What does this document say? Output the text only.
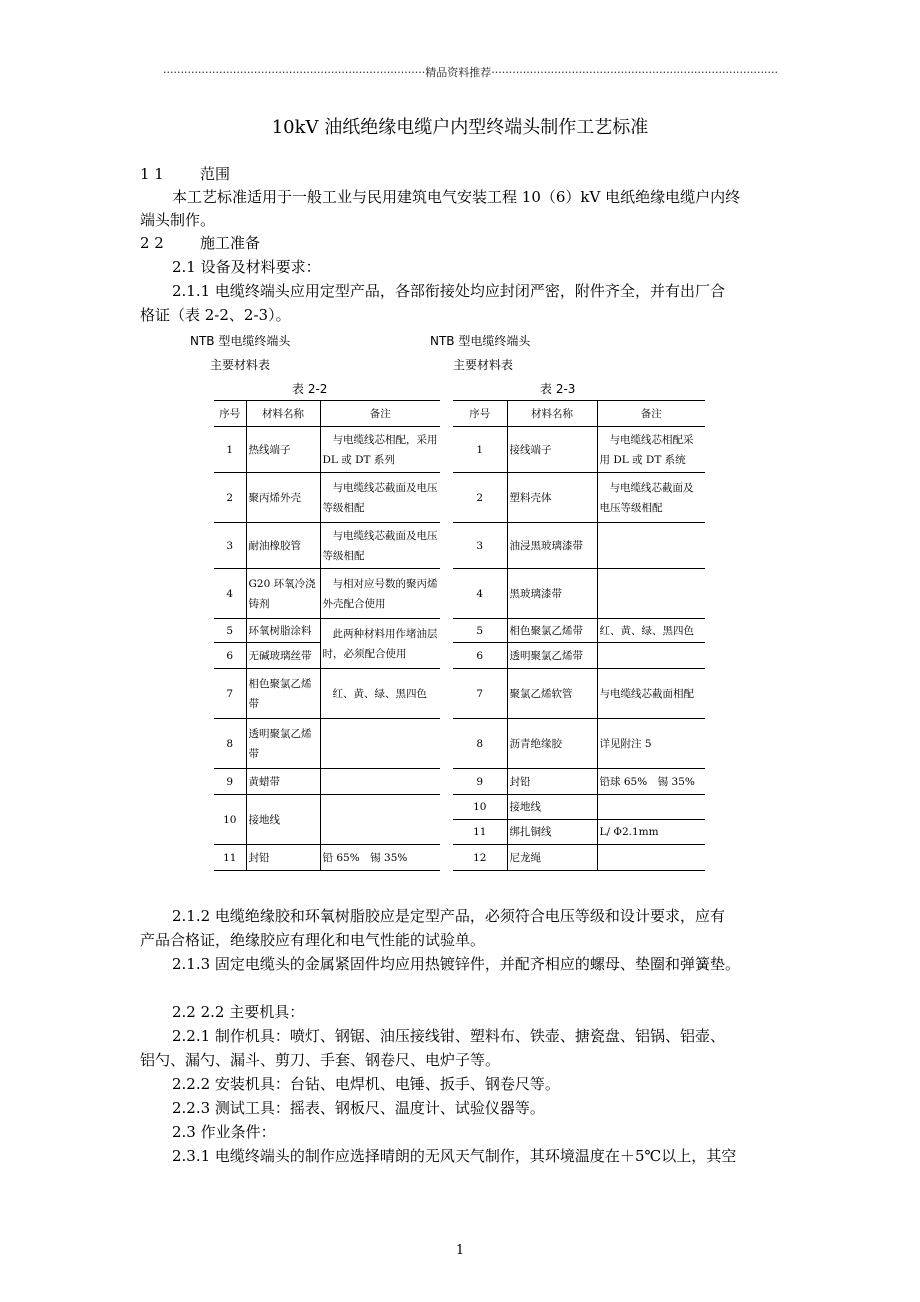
···········································································精品资料推荐··················································································
10kV 油纸绝缘电缆户内型终端头制作工艺标准
1 1 范围
本工艺标准适用于一般工业与民用建筑电气安装工程 10（6）kV 电纸绝缘电缆户内终
端头制作。
2 2 施工准备
2.1 设备及材料要求：
2.1.1 电缆终端头应用定型产品，各部衔接处均应封闭严密，附件齐全，并有出厂合
格证（表 2-2、2-3）。
NTB 型电缆终端头
主要材料表
表 2-2
NTB 型电缆终端头
主要材料表
表 2-3
序号	材料名称	备注
1	热线端子	与电缆线芯相配，采用 DL 或 DT 系列
2	聚丙烯外壳	与电缆线芯截面及电压等级相配
3	耐油橡胶管	与电缆线芯截面及电压等级相配
4	G20 环氧冷浇铸剂	与相对应号数的聚丙烯外壳配合使用
5	环氧树脂涂料	此两种材料用作堵油层时，必须配合使用
6	无碱玻璃丝带	
7	相色聚氯乙烯带	红、黄、绿、黑四色
8	透明聚氯乙烯带	
9	黄蜡带	
10	接地线	
11	封铅	铅 65%　锡 35%
序号	材料名称	备注
1	接线端子	与电缆线芯相配采用 DL 或 DT 系统
2	塑料壳体	与电缆线芯截面及电压等级相配
3	油浸黑玻璃漆带	
4	黑玻璃漆带	
5	相色聚氯乙烯带	红、黄、绿、黑四色
6	透明聚氯乙烯带	
7	聚氯乙烯软管	与电缆线芯截面相配
8	沥青绝缘胶	详见附注 5
9	封铅	铅球 65%　锡 35%
10	接地线	
11	绑扎铜线	L/ Φ2.1mm
12	尼龙绳	
2.1.2 电缆绝缘胶和环氧树脂胶应是定型产品，必须符合电压等级和设计要求，应有
产品合格证，绝缘胶应有理化和电气性能的试验单。
2.1.3 固定电缆头的金属紧固件均应用热镀锌件，并配齐相应的螺母、垫圈和弹簧垫。
2.2 2.2 主要机具：
2.2.1 制作机具：喷灯、钢锯、油压接线钳、塑料布、铁壶、搪瓷盘、铝锅、铝壶、
铝勺、漏勺、漏斗、剪刀、手套、钢卷尺、电炉子等。
2.2.2 安装机具：台钻、电焊机、电锤、扳手、钢卷尺等。
2.2.3 测试工具：摇表、钢板尺、温度计、试验仪器等。
2.3 作业条件：
2.3.1 电缆终端头的制作应选择晴朗的无风天气制作，其环境温度在＋5℃以上，其空
1
